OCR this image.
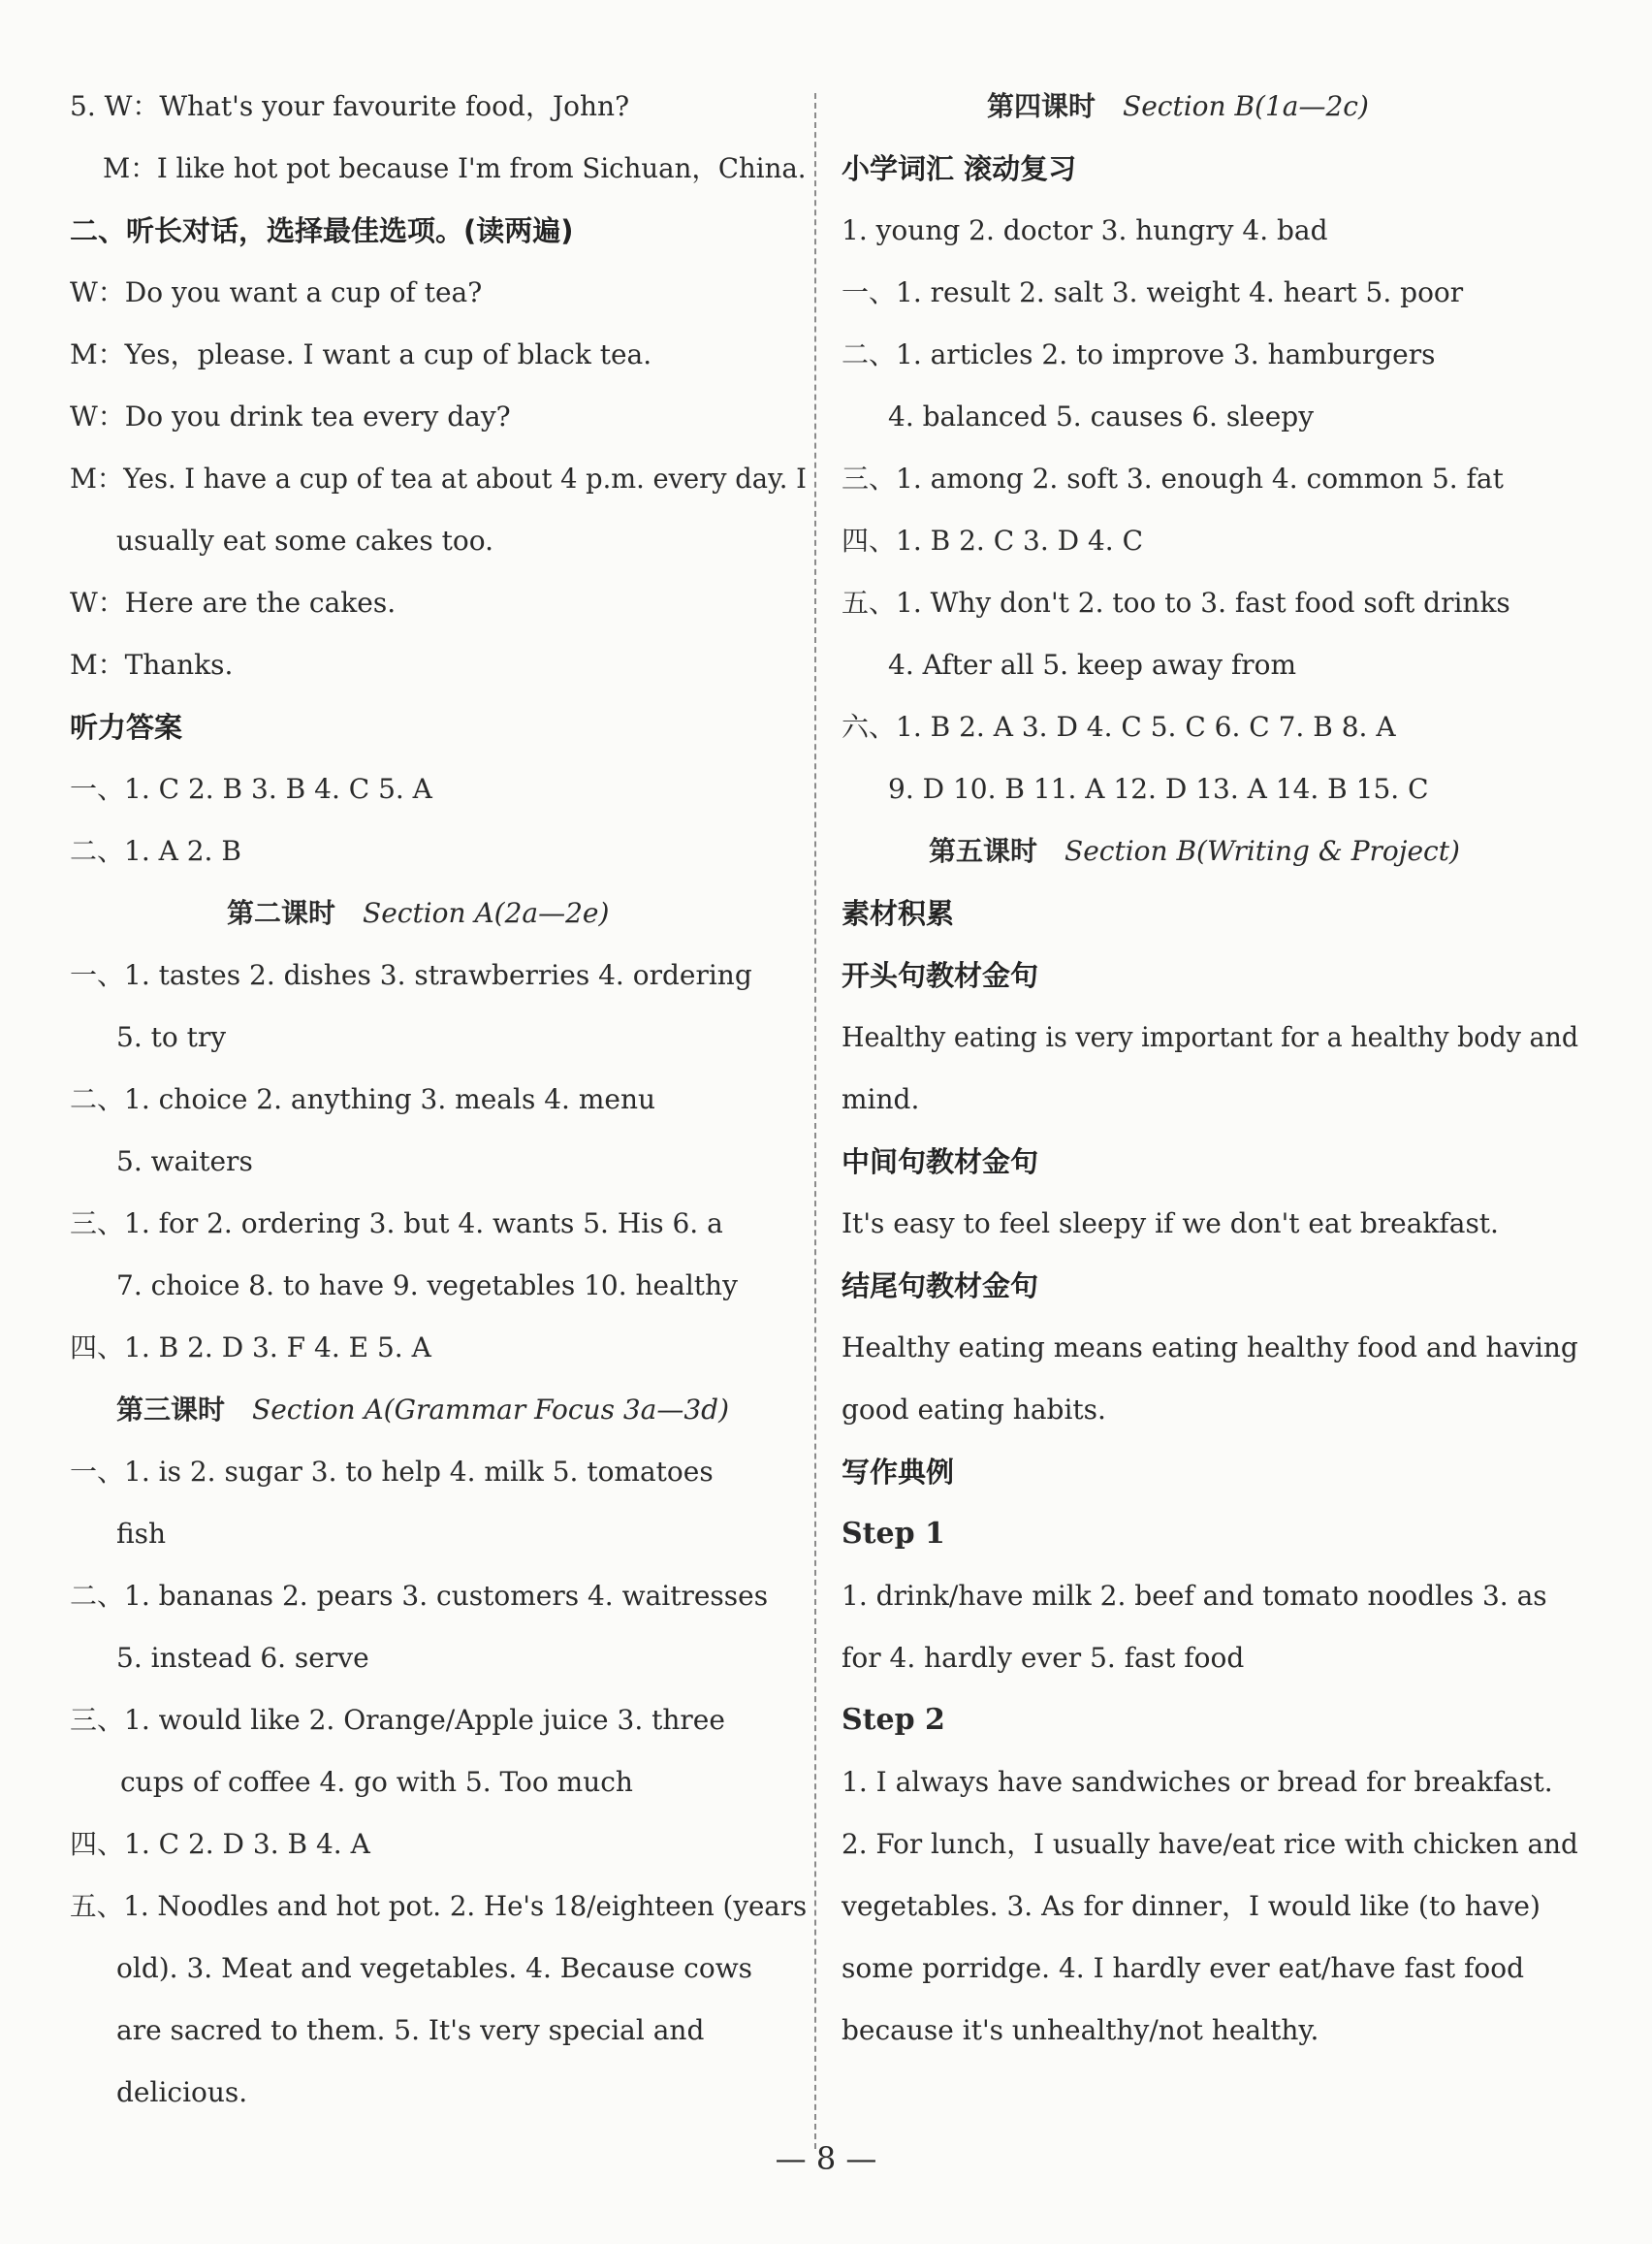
5. W：What's your favourite food，John?
M：I like hot pot because I'm from Sichuan，China.
二、听长对话，选择最佳选项。(读两遍)
W：Do you want a cup of tea?
M：Yes，please. I want a cup of black tea.
W：Do you drink tea every day?
M：Yes. I have a cup of tea at about 4 p.m. every day. I
usually eat some cakes too.
W：Here are the cakes.
M：Thanks.
听力答案
一、1. C 2. B 3. B 4. C 5. A
二、1. A 2. B
第二课时 Section A(2a—2e)
一、1. tastes 2. dishes 3. strawberries 4. ordering
5. to try
二、1. choice 2. anything 3. meals 4. menu
5. waiters
三、1. for 2. ordering 3. but 4. wants 5. His 6. a
7. choice 8. to have 9. vegetables 10. healthy
四、1. B 2. D 3. F 4. E 5. A
第三课时 Section A(Grammar Focus 3a—3d)
一、1. is 2. sugar 3. to help 4. milk 5. tomatoes
fish
二、1. bananas 2. pears 3. customers 4. waitresses
5. instead 6. serve
三、1. would like 2. Orange/Apple juice 3. three
cups of coffee 4. go with 5. Too much
四、1. C 2. D 3. B 4. A
五、1. Noodles and hot pot. 2. He's 18/eighteen (years
old). 3. Meat and vegetables. 4. Because cows
are sacred to them. 5. It's very special and
delicious.
第四课时 Section B(1a—2c)
小学词汇 滚动复习
1. young 2. doctor 3. hungry 4. bad
一、1. result 2. salt 3. weight 4. heart 5. poor
二、1. articles 2. to improve 3. hamburgers
4. balanced 5. causes 6. sleepy
三、1. among 2. soft 3. enough 4. common 5. fat
四、1. B 2. C 3. D 4. C
五、1. Why don't 2. too to 3. fast food soft drinks
4. After all 5. keep away from
六、1. B 2. A 3. D 4. C 5. C 6. C 7. B 8. A
9. D 10. B 11. A 12. D 13. A 14. B 15. C
第五课时 Section B(Writing & Project)
素材积累
开头句教材金句
Healthy eating is very important for a healthy body and
mind.
中间句教材金句
It's easy to feel sleepy if we don't eat breakfast.
结尾句教材金句
Healthy eating means eating healthy food and having
good eating habits.
写作典例
Step 1
1. drink/have milk 2. beef and tomato noodles 3. as
for 4. hardly ever 5. fast food
Step 2
1. I always have sandwiches or bread for breakfast.
2. For lunch，I usually have/eat rice with chicken and
vegetables. 3. As for dinner，I would like (to have)
some porridge. 4. I hardly ever eat/have fast food
because it's unhealthy/not healthy.
— 8 —
